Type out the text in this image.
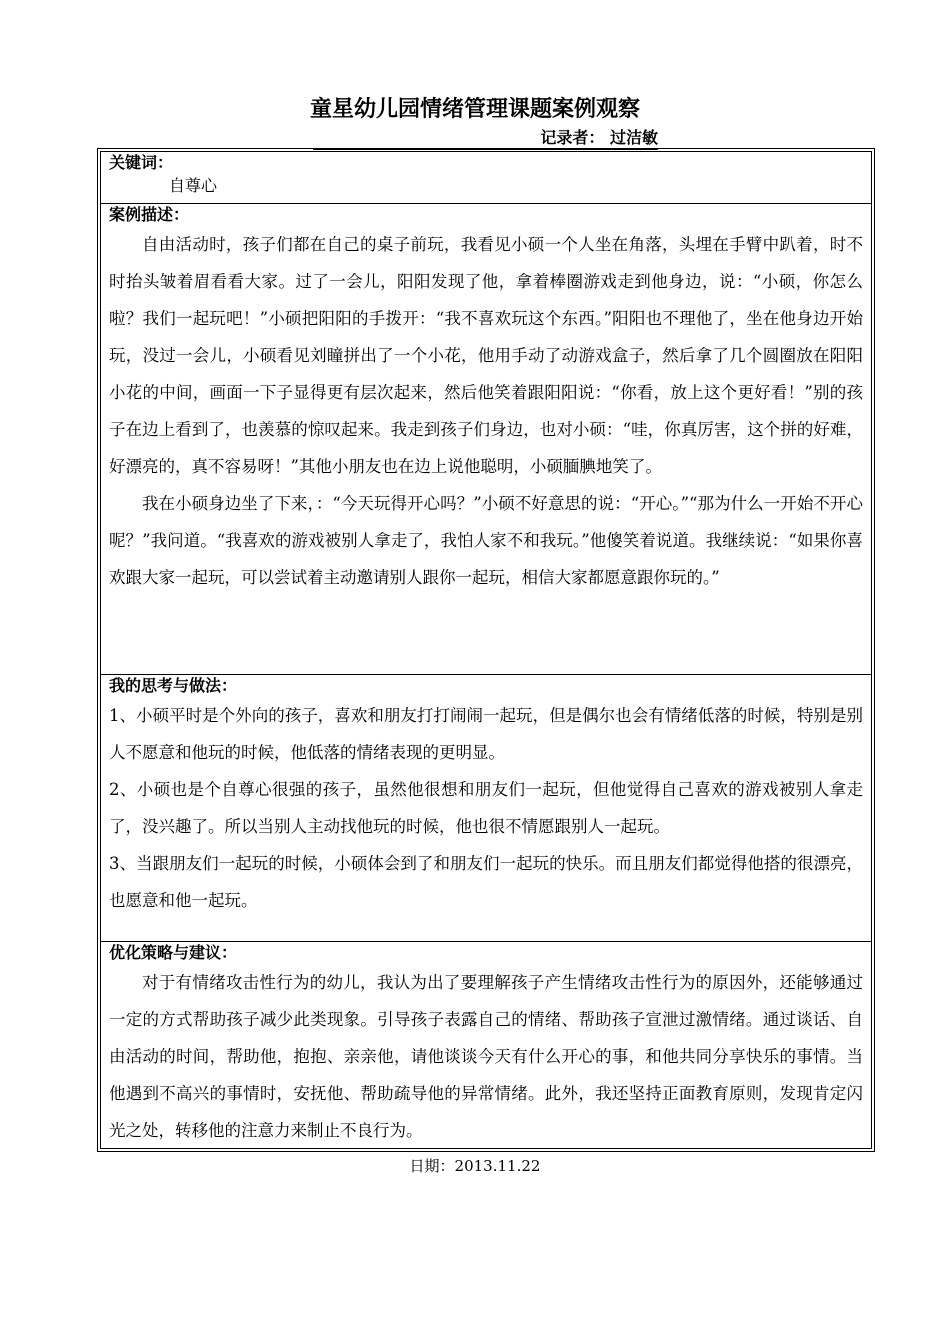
童星幼儿园情绪管理课题案例观察
记录者： 过洁敏
关键词：
自尊心
案例描述：

自由活动时，孩子们都在自己的桌子前玩，我看见小硕一个人坐在角落，头埋在手臂中趴着，时不时抬头皱着眉看看大家。过了一会儿，阳阳发现了他，拿着棒圈游戏走到他身边，说：“小硕，你怎么啦？我们一起玩吧！”小硕把阳阳的手拨开：“我不喜欢玩这个东西。”阳阳也不理他了，坐在他身边开始玩，没过一会儿，小硕看见刘瞳拼出了一个小花，他用手动了动游戏盒子，然后拿了几个圆圈放在阳阳小花的中间，画面一下子显得更有层次起来，然后他笑着跟阳阳说：“你看，放上这个更好看！”别的孩子在边上看到了，也羡慕的惊叹起来。我走到孩子们身边，也对小硕：“哇，你真厉害，这个拼的好难，好漂亮的，真不容易呀！”其他小朋友也在边上说他聪明，小硕腼腆地笑了。

我在小硕身边坐了下来，：“今天玩得开心吗？”小硕不好意思的说：“开心。”“那为什么一开始不开心呢？”我问道。“我喜欢的游戏被别人拿走了，我怕人家不和我玩。”他傻笑着说道。我继续说：“如果你喜欢跟大家一起玩，可以尝试着主动邀请别人跟你一起玩，相信大家都愿意跟你玩的。”

我的思考与做法：

1、小硕平时是个外向的孩子，喜欢和朋友打打闹闹一起玩，但是偶尔也会有情绪低落的时候，特别是别人不愿意和他玩的时候，他低落的情绪表现的更明显。

2、小硕也是个自尊心很强的孩子，虽然他很想和朋友们一起玩，但他觉得自己喜欢的游戏被别人拿走了，没兴趣了。所以当别人主动找他玩的时候，他也很不情愿跟别人一起玩。

3、当跟朋友们一起玩的时候，小硕体会到了和朋友们一起玩的快乐。而且朋友们都觉得他搭的很漂亮，也愿意和他一起玩。

优化策略与建议：

对于有情绪攻击性行为的幼儿，我认为出了要理解孩子产生情绪攻击性行为的原因外，还能够通过一定的方式帮助孩子减少此类现象。引导孩子表露自己的情绪、帮助孩子宣泄过激情绪。通过谈话、自由活动的时间，帮助他，抱抱、亲亲他，请他谈谈今天有什么开心的事，和他共同分享快乐的事情。当他遇到不高兴的事情时，安抚他、帮助疏导他的异常情绪。此外，我还坚持正面教育原则，发现肯定闪光之处，转移他的注意力来制止不良行为。

日期：2013.11.22
